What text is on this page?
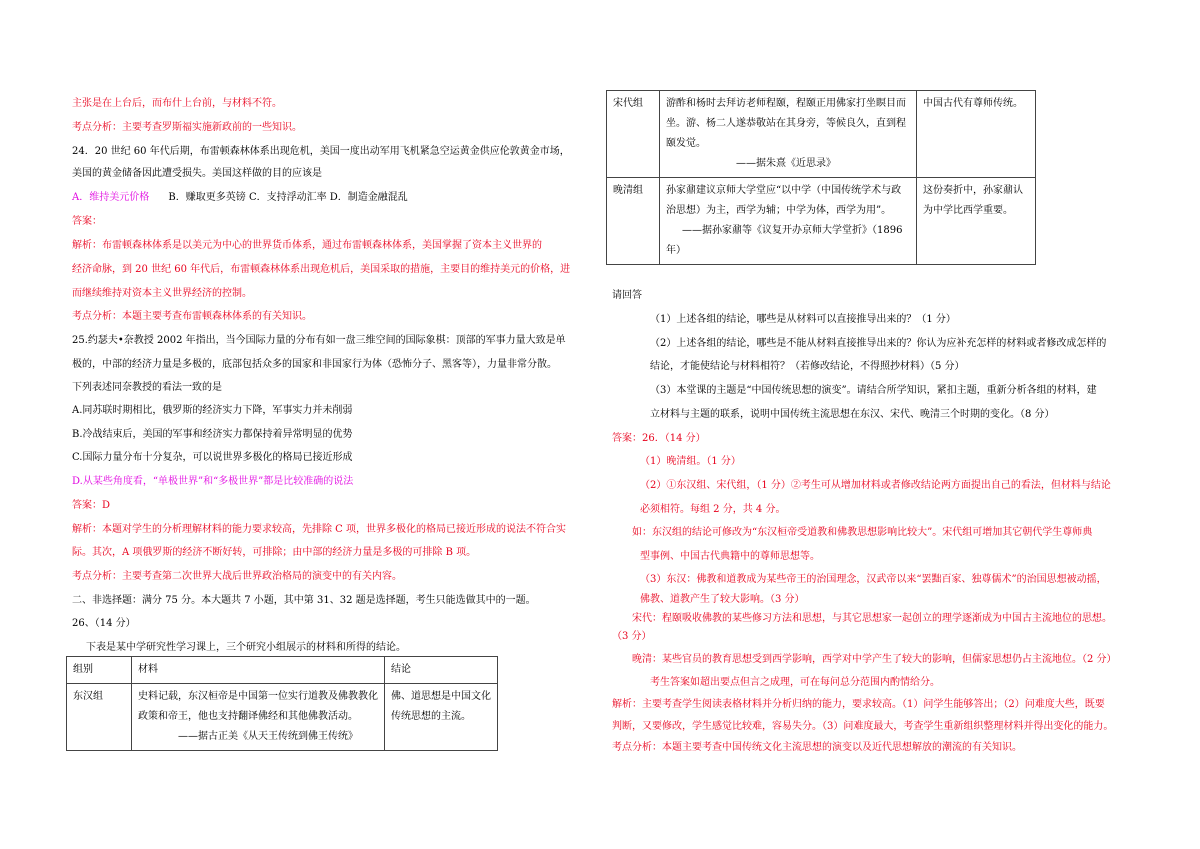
主张是在上台后，而布什上台前，与材料不符。
考点分析：主要考查罗斯福实施新政前的一些知识。
24．20 世纪 60 年代后期，布雷顿森林体系出现危机，美国一度出动军用飞机紧急空运黄金供应伦敦黄金市场，
美国的黄金储备因此遭受损失。美国这样做的目的应该是
A．维持美元价格 B．赚取更多英镑 C．支持浮动汇率 D．制造金融混乱
答案：
解析：布雷顿森林体系是以美元为中心的世界货币体系，通过布雷顿森林体系，美国掌握了资本主义世界的
经济命脉，到 20 世纪 60 年代后，布雷顿森林体系出现危机后，美国采取的措施，主要目的维持美元的价格，进
而继续维持对资本主义世界经济的控制。
考点分析：本题主要考查布雷顿森林体系的有关知识。
25.约瑟夫•奈教授 2002 年指出，当今国际力量的分布有如一盘三维空间的国际象棋：顶部的军事力量大致是单
极的，中部的经济力量是多极的，底部包括众多的国家和非国家行为体（恐怖分子、黑客等），力量非常分散。
下列表述同奈教授的看法一致的是
A.同苏联时期相比，俄罗斯的经济实力下降，军事实力并未削弱
B.冷战结束后，美国的军事和经济实力都保持着异常明显的优势
C.国际力量分布十分复杂，可以说世界多极化的格局已接近形成
D.从某些角度看，“单极世界”和“多极世界”都是比较准确的说法
答案：D
解析：本题对学生的分析理解材料的能力要求较高，先排除 C 项，世界多极化的格局已接近形成的说法不符合实
际。其次，A 项俄罗斯的经济不断好转，可排除；由中部的经济力量是多极的可排除 B 项。
考点分析：主要考查第二次世界大战后世界政治格局的演变中的有关内容。
二、非选择题：满分 75 分。本大题共 7 小题，其中第 31、32 题是选择题，考生只能选做其中的一题。
26、（14 分）
下表是某中学研究性学习课上，三个研究小组展示的材料和所得的结论。
组别	材料	结论
东汉组	史料记载，东汉桓帝是中国第一位实行道教及佛教教化
政策和帝王，他也支持翻译佛经和其他佛教活动。

——据古正美《从天王传统到佛王传统》	佛、道思想是中国文化
传统思想的主流。
宋代组	游酢和杨时去拜访老师程颐，程颐正用佛家打坐瞑目而
坐。游、杨二人遂恭敬站在其身旁，等候良久，直到程
颐发觉。

——据朱熹《近思录》	中国古代有尊师传统。
晚清组	孙家鼐建议京师大学堂应“以中学（中国传统学术与政
治思想）为主，西学为辅；中学为体，西学为用”。
——据孙家鼐等《议复开办京师大学堂折》（1896
年）	这份奏折中，孙家鼐认
为中学比西学重要。
请回答
（1）上述各组的结论，哪些是从材料可以直接推导出来的？（1 分）
（2）上述各组的结论，哪些是不能从材料直接推导出来的？你认为应补充怎样的材料或者修改成怎样的
结论，才能使结论与材料相符？（若修改结论，不得照抄材料）（5 分）
（3）本堂课的主题是“中国传统思想的演变”。请结合所学知识，紧扣主题，重新分析各组的材料，建
立材料与主题的联系，说明中国传统主流思想在东汉、宋代、晚清三个时期的变化。（8 分）
答案：26．（14 分）
（1）晚清组。（1 分）
（2）①东汉组、宋代组，（1 分）②考生可从增加材料或者修改结论两方面提出自己的看法，但材料与结论
必须相符。每组 2 分，共 4 分。
如：东汉组的结论可修改为“东汉桓帝受道教和佛教思想影响比较大”。宋代组可增加其它朝代学生尊师典
型事例、中国古代典籍中的尊师思想等。
（3）东汉：佛教和道教成为某些帝王的治国理念，汉武帝以来“罢黜百家、独尊儒术”的治国思想被动摇，
佛教、道教产生了较大影响。（3 分）
宋代：程颐吸收佛教的某些修习方法和思想，与其它思想家一起创立的理学逐渐成为中国古主流地位的思想。
（3 分）
晚清：某些官员的教育思想受到西学影响，西学对中学产生了较大的影响，但儒家思想仍占主流地位。（2 分）
考生答案如超出要点但言之成理，可在每问总分范围内酌情给分。
解析：主要考查学生阅读表格材料并分析归纳的能力，要求较高。（1）问学生能够答出；（2）问难度大些，既要
判断，又要修改，学生感觉比较难，容易失分。（3）问难度最大，考查学生重新组织整理材料并得出变化的能力。
考点分析：本题主要考查中国传统文化主流思想的演变以及近代思想解放的潮流的有关知识。
